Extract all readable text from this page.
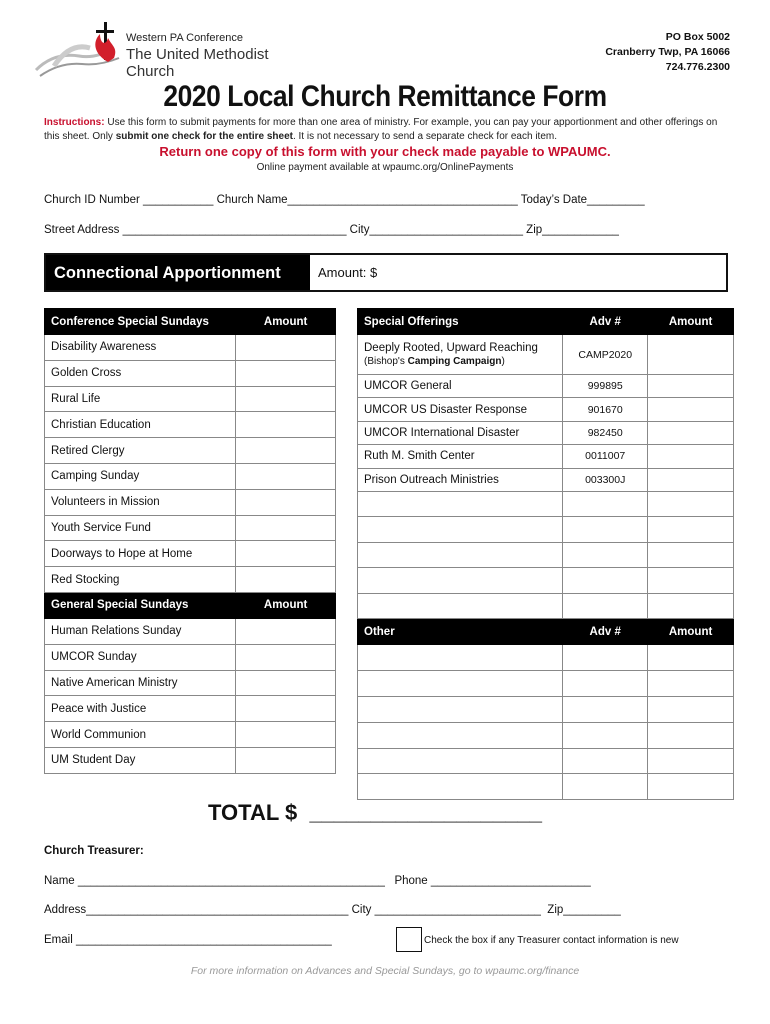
Western PA Conference
The United Methodist Church
PO Box 5002
Cranberry Twp, PA 16066
724.776.2300
2020 Local Church Remittance Form
Instructions: Use this form to submit payments for more than one area of ministry. For example, you can pay your apportionment and other offerings on this sheet. Only submit one check for the entire sheet. It is not necessary to send a separate check for each item.
Return one copy of this form with your check made payable to WPAUMC.
Online payment available at wpaumc.org/OnlinePayments
Church ID Number ___________ Church Name____________________________________ Today’s Date_________
Street Address ___________________________________ City________________________ Zip____________
Connectional Apportionment	Amount: $
Conference Special Sundays	Amount
Disability Awareness	
Golden Cross	
Rural Life	
Christian Education	
Retired Clergy	
Camping Sunday	
Volunteers in Mission	
Youth Service Fund	
Doorways to Hope at Home	
Red Stocking	
General Special Sundays	Amount
Human Relations Sunday	
UMCOR Sunday	
Native American Ministry	
Peace with Justice	
World Communion	
UM Student Day	
Special Offerings	Adv #	Amount

Deeply Rooted, Upward Reaching
(Bishop's Camping Campaign)	CAMP2020	
UMCOR General	999895	
UMCOR US Disaster Response	901670	
UMCOR International Disaster	982450	
Ruth M. Smith Center	0011007	
Prison Outreach Ministries	003300J	

Other	Adv #	Amount

TOTAL $  ___________________
Church Treasurer:
Name ________________________________________________   Phone _________________________
Address_________________________________________ City __________________________  Zip_________
Email ________________________________________	Check the box if any Treasurer contact information is new
For more information on Advances and Special Sundays, go to wpaumc.org/finance
